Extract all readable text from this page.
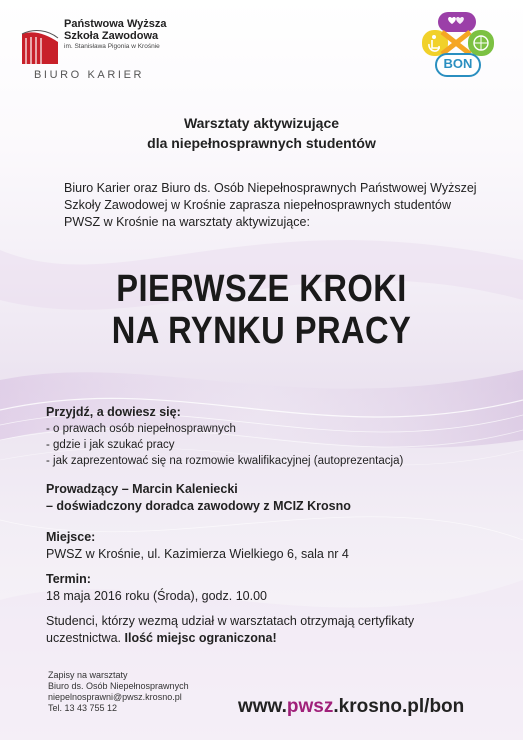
Państwowa Wyższa Szkoła Zawodowa
im. Stanisława Pigonia w Krośnie
BIURO KARIER
BON
Warsztaty aktywizujące
dla niepełnosprawnych studentów
Biuro Karier oraz Biuro ds. Osób Niepełnosprawnych Państwowej Wyższej Szkoły Zawodowej w Krośnie zaprasza niepełnosprawnych studentów PWSZ w Krośnie na warsztaty aktywizujące:
PIERWSZE KROKI
NA RYNKU PRACY
Przyjdź, a dowiesz się:
- o prawach osób niepełnosprawnych
- gdzie i jak szukać pracy
- jak zaprezentować się na rozmowie kwalifikacyjnej (autoprezentacja)
Prowadzący – Marcin Kaleniecki
– doświadczony doradca zawodowy z MCIZ Krosno
Miejsce:
PWSZ w Krośnie, ul. Kazimierza Wielkiego 6, sala nr 4
Termin:
18 maja 2016 roku (Środa), godz. 10.00
Studenci, którzy wezmą udział w warsztatach otrzymają certyfikaty uczestnictwa. Ilość miejsc ograniczona!
Zapisy na warsztaty
Biuro ds. Osób Niepełnosprawnych
niepelnosprawni@pwsz.krosno.pl
Tel. 13 43 755 12	www.pwsz.krosno.pl/bon
